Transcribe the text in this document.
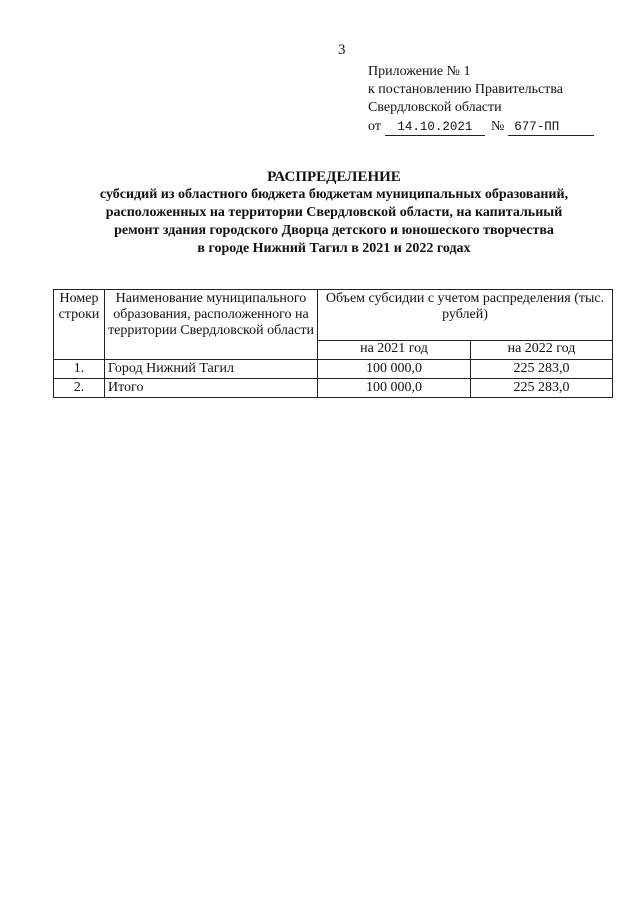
3
Приложение № 1
к постановлению Правительства
Свердловской области
от 14.10.2021 № 677-ПП
РАСПРЕДЕЛЕНИЕ
субсидий из областного бюджета бюджетам муниципальных образований,
расположенных на территории Свердловской области, на капитальный
ремонт здания городского Дворца детского и юношеского творчества
в городе Нижний Тагил в 2021 и 2022 годах
Номер строки	Наименование муниципального образования, расположенного на территории Свердловской области	Объем субсидии с учетом распределения (тыс. рублей)	
		на 2021 год	на 2022 год
1.	Город Нижний Тагил	100 000,0	225 283,0
2.	Итого	100 000,0	225 283,0
